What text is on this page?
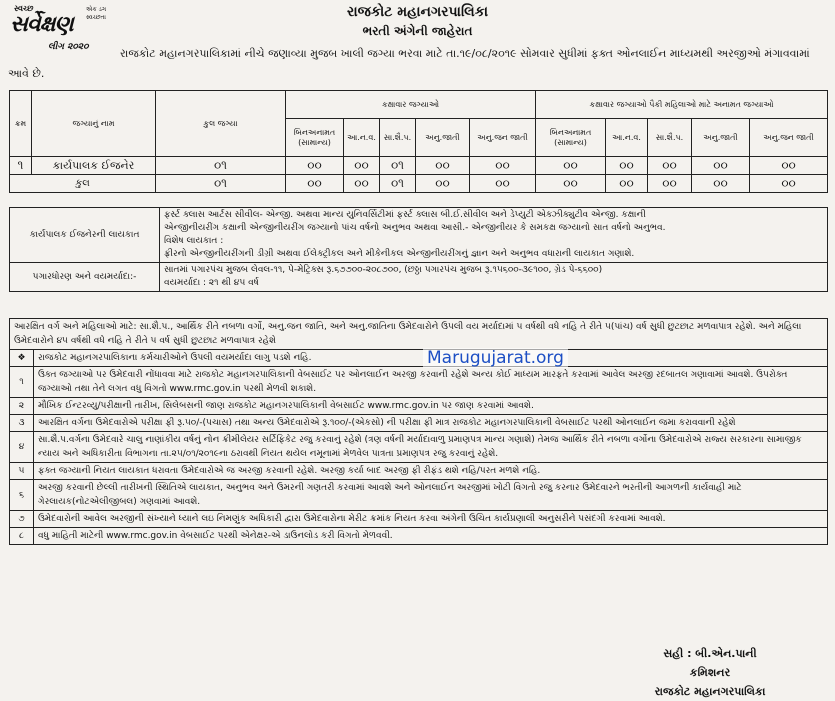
સ્વચ્છ	એક ડગ સ્વચ્છતા
સર્વેક્ષણ
લીગ ૨૦૨૦
રાજકોટ મહાનગરપાલિકા
ભરતી અંગેની જાહેરાત
રાજકોટ મહાનગરપાલિકામાં નીચે જણાવ્યા મુજબ ખાલી જગ્યા ભરવા માટે તા.૧૯/૦૮/૨૦૧૯ સોમવાર સુધીમાં ફક્ત ઓનલાઈન માધ્યમથી અરજીઓ મંગાવવામાં આવે છે.
ક્રમ	જગ્યાનું નામ	કુલ જગ્યા	કક્ષાવાર જગ્યાઓ					કક્ષાવાર જગ્યાઓ પૈકી મહિલાઓ માટે અનામત જગ્યાઓ				
			બિનઅનામત (સામાન્ય)	આ.ન.વ.	સા.શૈ.પ.	અનુ.જાતી	અનુ.જન જાતી	બિનઅનામત (સામાન્ય)	આ.ન.વ.	સા.શૈ.પ.	અનુ.જાતી	અનુ.જન જાતી
૧	કાર્યપાલક ઈજનેર	૦૧	૦૦	૦૦	૦૧	૦૦	૦૦	૦૦	૦૦	૦૦	૦૦	૦૦
કુલ		૦૧	૦૦	૦૦	૦૧	૦૦	૦૦	૦૦	૦૦	૦૦	૦૦	૦૦
કાર્યપાલક ઈજનેરની લાયકાત	ફર્સ્ટ ક્લાસ આર્ટસ સીવીલ- એન્જી. અથવા માન્ય યુનિવર્સિટીમાં ફર્સ્ટ ક્લાસ બી.ઈ.સીવીલ અને ડેપ્યુટી એક્ઝીક્યુટીવ એન્જી. કક્ષાની
એન્જીનીયરીંગ કક્ષાની એન્જીનીયરીંગ જગ્યાનો પાંચ વર્ષનો અનુભવ અથવા આસી.- એન્જીનીયર કે સમકક્ષ જગ્યાનો સાત વર્ષનો અનુભવ.
વિશેષ લાયકાત :
ફ્રીરનો એન્જીનીયરીંગની ડીગ્રી અથવા ઈલેક્ટ્રીકલ અને મીકેનીકલ એન્જીનીયરીંગનું જ્ઞાન અને અનુભવ વધારાની લાયકાત ગણાશે.

પગારધોરણ અને વયમર્યાદા:-	સાતમાં પગારપંચ મુજબ લેવલ-૧૧, પે-મેટ્રિક્સ રૂ.૬૭૭૦૦-૨૦૮૭૦૦, (છઠ્ઠા પગારપંચ મુજબ રૂ.૧૫૬૦૦-૩૯૧૦૦, ગ્રેડ પે-૬૬૦૦)
વયમર્યાદા : ૨૧ થી ૪૫ વર્ષ
આરક્ષિત વર્ગ અને મહિલાઓ માટે: સા.શૈ.પ., આર્થિક રીતે નબળા વર્ગો, અનુ.જન જાતિ, અને અનુ.જાતિના ઉમેદવારોને ઉપલી વય મર્યાદામાં ૫ વર્ષથી વધે નહિ તે રીતે ૫(પાંચ) વર્ષ સુધી છુટછાટ મળવાપાત્ર રહેશે. અને મહિલા ઉમેદવારોને ૪૫ વર્ષથી વધે નહિ તે રીતે ૫ વર્ષ સુધી છુટછાટ મળવાપાત્ર રહેશે	
❖	રાજકોટ મહાનગરપાલિકાના કર્મચારીઓને ઉપલી વયમર્યાદા લાગુ પડશે નહિ.
૧	ઉક્ત જગ્યાઓ પર ઉમેદવારી નોંધાવવા માટે રાજકોટ મહાનગરપાલિકાની વેબસાઈટ પર ઓનલાઈન અરજી કરવાની રહેશે અન્ય કોઈ માધ્યમ મારફતે કરવામાં આવેલ અરજી રદબાતલ ગણાવામાં આવશે. ઉપરોક્ત જગ્યાઓ તથા તેને લગત વધુ વિગતો www.rmc.gov.in પરથી મેળવી શકાશે.
૨	મૌખિક ઈન્ટરવ્યુ/પરીક્ષાની તારીખ, સિલેબસની જાણ રાજકોટ મહાનગરપાલિકાની વેબસાઈટ www.rmc.gov.in પર જાણ કરવામાં આવશે.
૩	આરક્ષિત વર્ગના ઉમેદવારોએ પરીક્ષા ફી રૂ.૫૦/-(પચાસ) તથા અન્ય ઉમેદવારોએ રૂ.૧૦૦/-(એકસો) ની પરીક્ષા ફી માત્ર રાજકોટ મહાનગરપાલિકાની વેબસાઈટ પરથી ઓનલાઈન જમા કરાવવાની રહેશે
૪	સા.શૈ.પ.વર્ગના ઉમેદવારે ચાલુ નાણાંકીય વર્ષનું નોન ક્રીમીલેયર સર્ટિફિકેટ રજુ કરવાનું રહેશે (ત્રણ વર્ષની મર્યાદાવાળુ પ્રમાણપત્ર માન્ય ગણાશે) તેમજ આર્થિક રીતે નબળા વર્ગોના ઉમેદવારોએ રાજ્ય સરકારના સામાજીક ન્યાય અને અધિકારીતા વિભાગના તા.૨૫/૦૧/૨૦૧૯ના ઠરાવથી નિયત થયેલ નમૂનામાં મેળવેલ પાત્રતા પ્રમાણપત્ર રજુ કરવાનું રહેશે.
૫	ફક્ત જગ્યાની નિયત લાયકાત ધરાવતા ઉમેદવારોએ જ અરજી કરવાની રહેશે. અરજી કર્યા બાદ અરજી ફી રીફંડ થશે નહિ/પરત મળશે નહિ.
૬	અરજી કરવાની છેલ્લી તારીખની સ્થિતિએ લાયકાત, અનુભવ અને ઉમરની ગણતરી કરવામાં આવશે અને ઓનલાઈન અરજીમાં ખોટી વિગતો રજુ કરનાર ઉમેદવારને ભરતીની આગળની કાર્યવાહી માટે ગેરલાયક(નોટએલીજીબલ) ગણવામાં આવશે.
૭	ઉમેદવારોની આવેલ અરજીની સંખ્યાને ધ્યાને લઇ નિમણુંક અધિકારી દ્વારા ઉમેદવારોના મેરીટ ક્રમાંક નિયત કરવા અંગેની ઉચિત કાર્યપ્રણાલી અનુસરીને પસંદગી કરવામાં આવશે.
૮	વધુ માહિતી માટેની www.rmc.gov.in વેબસાઈટ પરથી એનેક્ષર-એ ડાઉનલોડ કરી વિગતો મેળવવી.
Marugujarat.org
સહી : બી.એન.પાની
કમિશનર
રાજકોટ મહાનગરપાલિકા
